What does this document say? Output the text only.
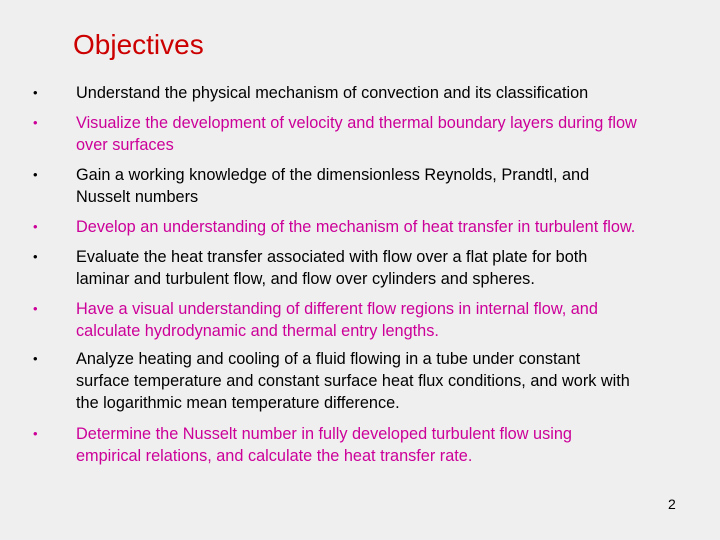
Objectives
• Understand the physical mechanism of convection and its classification
• Visualize the development of velocity and thermal boundary layers during flow
over surfaces
• Gain a working knowledge of the dimensionless Reynolds, Prandtl, and
Nusselt numbers
• Develop an understanding of the mechanism of heat transfer in turbulent flow.
• Evaluate the heat transfer associated with flow over a flat plate for both
laminar and turbulent flow, and flow over cylinders and spheres.
• Have a visual understanding of different flow regions in internal flow, and
calculate hydrodynamic and thermal entry lengths.
• Analyze heating and cooling of a fluid flowing in a tube under constant
surface temperature and constant surface heat flux conditions, and work with
the logarithmic mean temperature difference.
• Determine the Nusselt number in fully developed turbulent flow using
empirical relations, and calculate the heat transfer rate.
2
